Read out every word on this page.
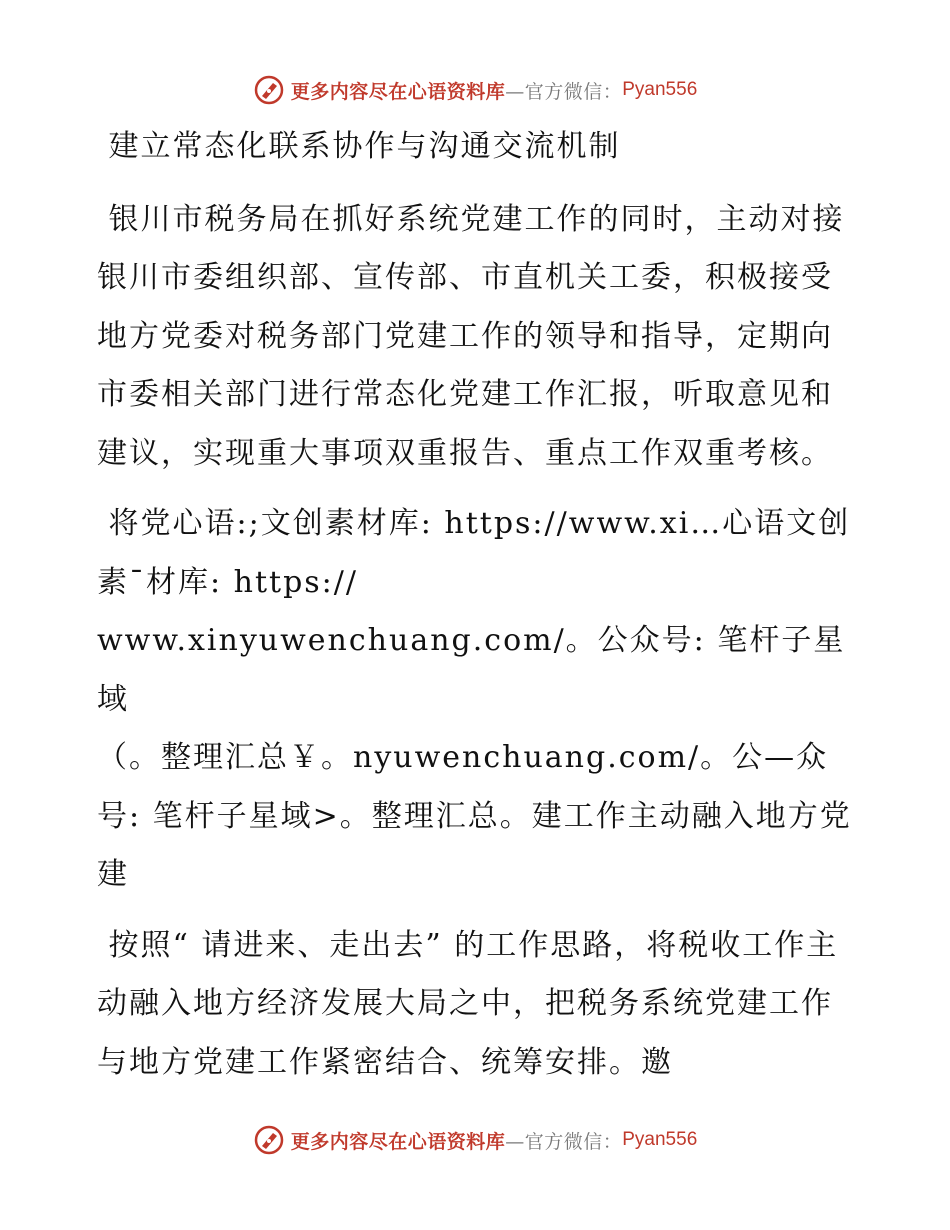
更多内容尽在心语资料库 —官方微信： Pyan556

建立常态化联系协作与沟通交流机制

银川市税务局在抓好系统党建工作的同时，主动对接银川市委组织部、宣传部、市直机关工委，积极接受地方党委对税务部门党建工作的领导和指导，定期向市委相关部门进行常态化党建工作汇报，听取意见和建议，实现重大事项双重报告、重点工作双重考核。

将党心语:;文创素材库: https://www.xi…心语文创素¯材库: https://

www.xinyuwenchuang.com/。公众号: 笔杆子星域

（。整理汇总￥。nyuwenchuang.com/。公—众号: 笔杆子星域>。整理汇总。建工作主动融入地方党建

按照“ 请进来、走出去” 的工作思路，将税收工作主动融入地方经济发展大局之中，把税务系统党建工作与地方党建工作紧密结合、统筹安排。邀

更多内容尽在心语资料库 —官方微信： Pyan556
